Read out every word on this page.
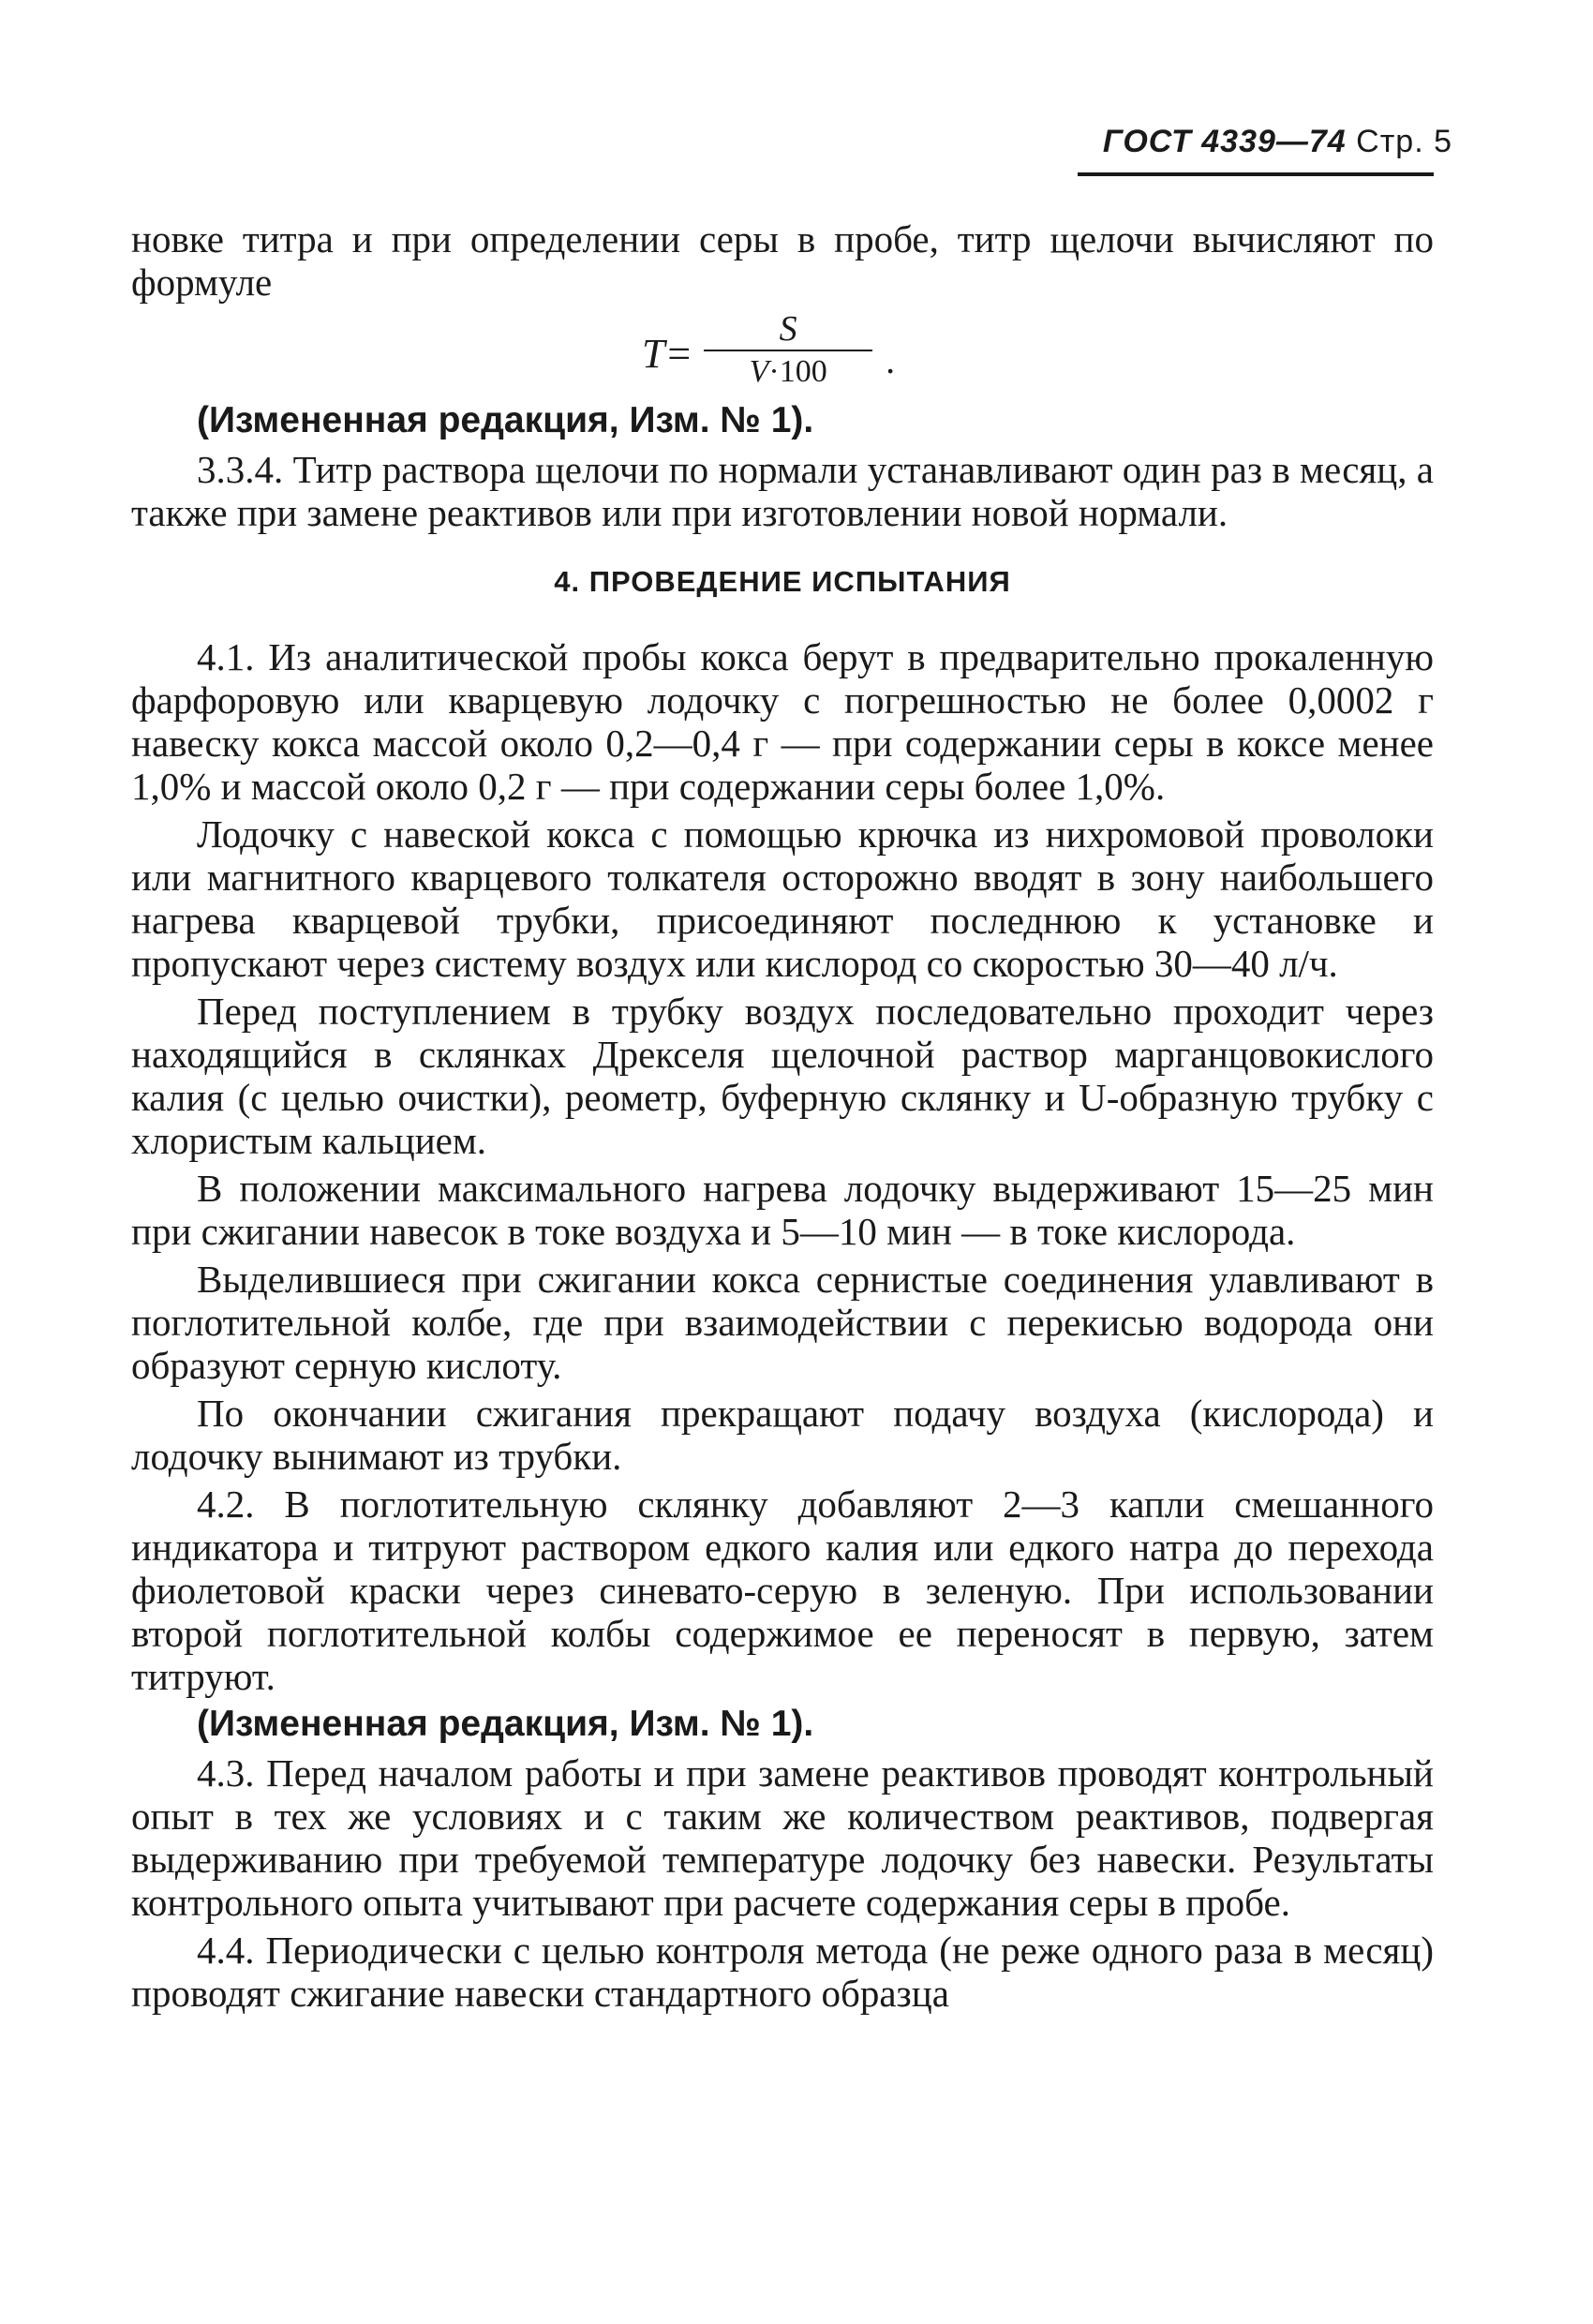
ГОСТ 4339—74 Стр. 5

новке титра и при определении серы в пробе, титр щелочи вычисляют по формуле

$T= \frac{S}{V\cdot 100}$ .
(Измененная редакция, Изм. № 1).

3.3.4. Титр раствора щелочи по нормали устанавливают один раз в месяц, а также при замене реактивов или при изготовлении новой нормали.

4. ПРОВЕДЕНИЕ ИСПЫТАНИЯ

4.1. Из аналитической пробы кокса берут в предварительно прокаленную фарфоровую или кварцевую лодочку с погрешностью не более 0,0002 г навеску кокса массой около 0,2—0,4 г — при содержании серы в коксе менее 1,0% и массой около 0,2 г — при содержании серы более 1,0%.

Лодочку с навеской кокса с помощью крючка из нихромовой проволоки или магнитного кварцевого толкателя осторожно вводят в зону наибольшего нагрева кварцевой трубки, присоединяют последнюю к установке и пропускают через систему воздух или кислород со скоростью 30—40 л/ч.

Перед поступлением в трубку воздух последовательно проходит через находящийся в склянках Дрекселя щелочной раствор марганцовокислого калия (с целью очистки), реометр, буферную склянку и U-образную трубку с хлористым кальцием.

В положении максимального нагрева лодочку выдерживают 15—25 мин при сжигании навесок в токе воздуха и 5—10 мин — в токе кислорода.

Выделившиеся при сжигании кокса сернистые соединения улавливают в поглотительной колбе, где при взаимодействии с перекисью водорода они образуют серную кислоту.

По окончании сжигания прекращают подачу воздуха (кислорода) и лодочку вынимают из трубки.

4.2. В поглотительную склянку добавляют 2—3 капли смешанного индикатора и титруют раствором едкого калия или едкого натра до перехода фиолетовой краски через синевато-серую в зеленую. При использовании второй поглотительной колбы содержимое ее переносят в первую, затем титруют.

(Измененная редакция, Изм. № 1).

4.3. Перед началом работы и при замене реактивов проводят контрольный опыт в тех же условиях и с таким же количеством реактивов, подвергая выдерживанию при требуемой температуре лодочку без навески. Результаты контрольного опыта учитывают при расчете содержания серы в пробе.

4.4. Периодически с целью контроля метода (не реже одного раза в месяц) проводят сжигание навески стандартного образца
